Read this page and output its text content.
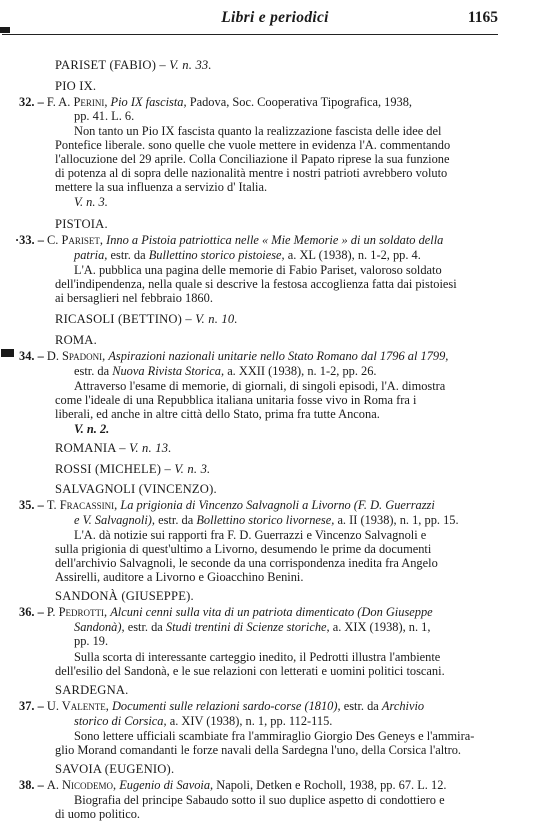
Libri e periodici	1165
PARISET (FABIO) – V. n. 33.
PIO IX.
32. – F. A. Perini, Pio IX fascista, Padova, Soc. Cooperativa Tipografica, 1938,
pp. 41. L. 6.
Non tanto un Pio IX fascista quanto la realizzazione fascista delle idee del
Pontefice liberale. sono quelle che vuole mettere in evidenza l'A. commentando
l'allocuzione del 29 aprile. Colla Conciliazione il Papato riprese la sua funzione
di potenza al di sopra delle nazionalità mentre i nostri patrioti avrebbero voluto
mettere la sua influenza a servizio d' Italia.
V. n. 3.
PISTOIA.
·33. – C. Pariset, Inno a Pistoia patriottica nelle « Mie Memorie » di un soldato della
patria, estr. da Bullettino storico pistoiese, a. XL (1938), n. 1-2, pp. 4.
L'A. pubblica una pagina delle memorie di Fabio Pariset, valoroso soldato
dell'indipendenza, nella quale si descrive la festosa accoglienza fatta dai pistoiesi
ai bersaglieri nel febbraio 1860.
RICASOLI (BETTINO) – V. n. 10.
ROMA.
34. – D. Spadoni, Aspirazioni nazionali unitarie nello Stato Romano dal 1796 al 1799,
estr. da Nuova Rivista Storica, a. XXII (1938), n. 1-2, pp. 26.
Attraverso l'esame di memorie, di giornali, di singoli episodi, l'A. dimostra
come l'ideale di una Repubblica italiana unitaria fosse vivo in Roma fra i
liberali, ed anche in altre città dello Stato, prima fra tutte Ancona.
V. n. 2.
ROMANIA – V. n. 13.
ROSSI (MICHELE) – V. n. 3.
SALVAGNOLI (VINCENZO).
35. – T. Fracassini, La prigionia di Vincenzo Salvagnoli a Livorno (F. D. Guerrazzi
e V. Salvagnoli), estr. da Bollettino storico livornese, a. II (1938), n. 1, pp. 15.
L'A. dà notizie sui rapporti fra F. D. Guerrazzi e Vincenzo Salvagnoli e
sulla prigionia di quest'ultimo a Livorno, desumendo le prime da documenti
dell'archivio Salvagnoli, le seconde da una corrispondenza inedita fra Angelo
Assirelli, auditore a Livorno e Gioacchino Benini.
SANDONÀ (GIUSEPPE).
36. – P. Pedrotti, Alcuni cenni sulla vita di un patriota dimenticato (Don Giuseppe
Sandonà), estr. da Studi trentini di Scienze storiche, a. XIX (1938), n. 1,
pp. 19.
Sulla scorta di interessante carteggio inedito, il Pedrotti illustra l'ambiente
dell'esilio del Sandonà, e le sue relazioni con letterati e uomini politici toscani.
SARDEGNA.
37. – U. Valente, Documenti sulle relazioni sardo-corse (1810), estr. da Archivio
storico di Corsica, a. XIV (1938), n. 1, pp. 112-115.
Sono lettere ufficiali scambiate fra l'ammiraglio Giorgio Des Geneys e l'ammira-
glio Morand comandanti le forze navali della Sardegna l'uno, della Corsica l'altro.
SAVOIA (EUGENIO).
38. – A. Nicodemo, Eugenio di Savoia, Napoli, Detken e Rocholl, 1938, pp. 67. L. 12.
Biografia del principe Sabaudo sotto il suo duplice aspetto di condottiero e
di uomo politico.
